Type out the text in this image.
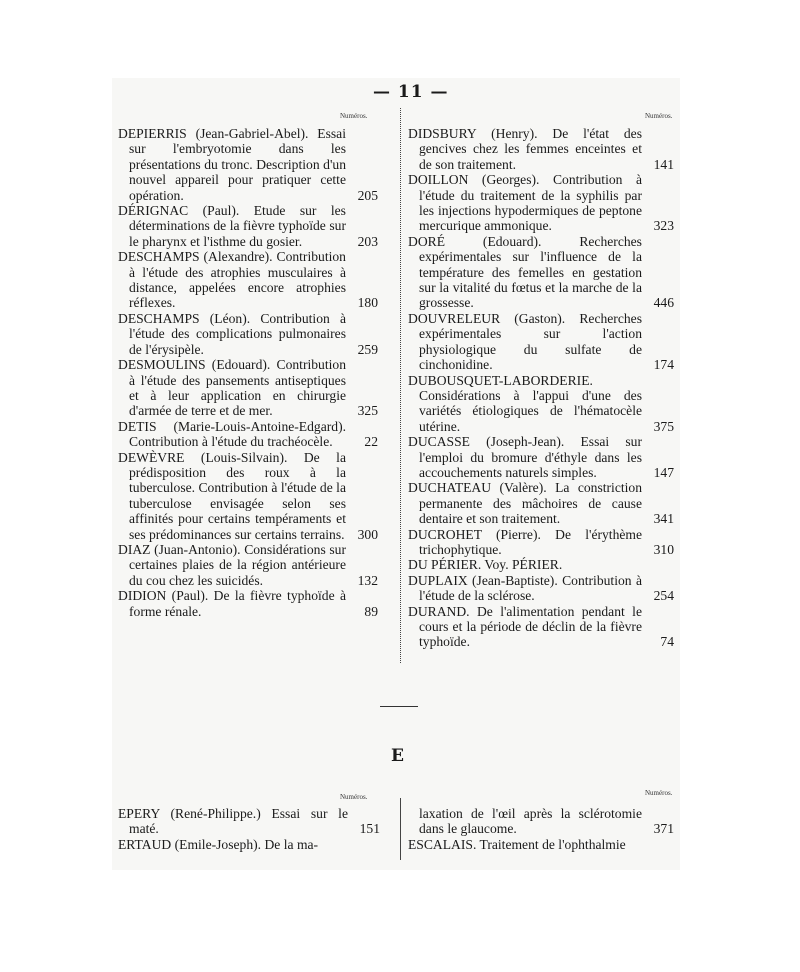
— 11 —
Numéros.	Numéros.
DEPIERRIS (Jean-Gabriel-Abel). Essai sur l'embryotomie dans les présentations du tronc. Description d'un nouvel appareil pour pratiquer cette opération.	205
DÉRIGNAC (Paul). Etude sur les déterminations de la fièvre typhoïde sur le pharynx et l'isthme du gosier.	203
DESCHAMPS (Alexandre). Contribution à l'étude des atrophies musculaires à distance, appelées encore atrophies réflexes.	180
DESCHAMPS (Léon). Contribution à l'étude des complications pulmonaires de l'érysipèle.	259
DESMOULINS (Edouard). Contribution à l'étude des pansements antiseptiques et à leur application en chirurgie d'armée de terre et de mer.	325
DETIS (Marie-Louis-Antoine-Edgard). Contribution à l'étude du trachéocèle.	22
DEWÈVRE (Louis-Silvain). De la prédisposition des roux à la tuberculose. Contribution à l'étude de la tuberculose envisagée selon ses affinités pour certains tempéraments et ses prédominances sur certains terrains. 300
DIAZ (Juan-Antonio). Considérations sur certaines plaies de la région antérieure du cou chez les suicidés.	132
DIDION (Paul). De la fièvre typhoïde à forme rénale.	89
DIDSBURY (Henry). De l'état des gencives chez les femmes enceintes et de son traitement.	141
DOILLON (Georges). Contribution à l'étude du traitement de la syphilis par les injections hypodermiques de peptone mercurique ammonique.	323
DORÉ (Edouard).	Recherches expérimentales sur l'influence de la température des femelles en gestation sur la vitalité du fœtus et la marche de la grossesse.	446
DOUVRELEUR (Gaston). Recherches expérimentales sur l'action physiologique du sulfate de cinchonidine.	174
DUBOUSQUET-LABORDERIE. Considérations à l'appui d'une des variétés étiologiques de l'hématocèle utérine.	375
DUCASSE (Joseph-Jean). Essai sur l'emploi du bromure d'éthyle dans les accouchements naturels simples.	147
DUCHATEAU (Valère). La constriction permanente des mâchoires de cause dentaire et son traitement.	341
DUCROHET (Pierre). De l'érythème trichophytique.	310
DU PÉRIER. Voy. PÉRIER.
DUPLAIX (Jean-Baptiste). Contribution à l'étude de la sclérose.	254
DURAND. De l'alimentation pendant le cours et la période de déclin de la fièvre typhoïde.	74
E
Numéros.	Numéros.
EPERY (René-Philippe.) Essai sur le maté.	151
ERTAUD (Emile-Joseph). De la ma-
laxation de l'œil après la sclérotomie dans le glaucome.	371
ESCALAIS. Traitement de l'ophthalmie
